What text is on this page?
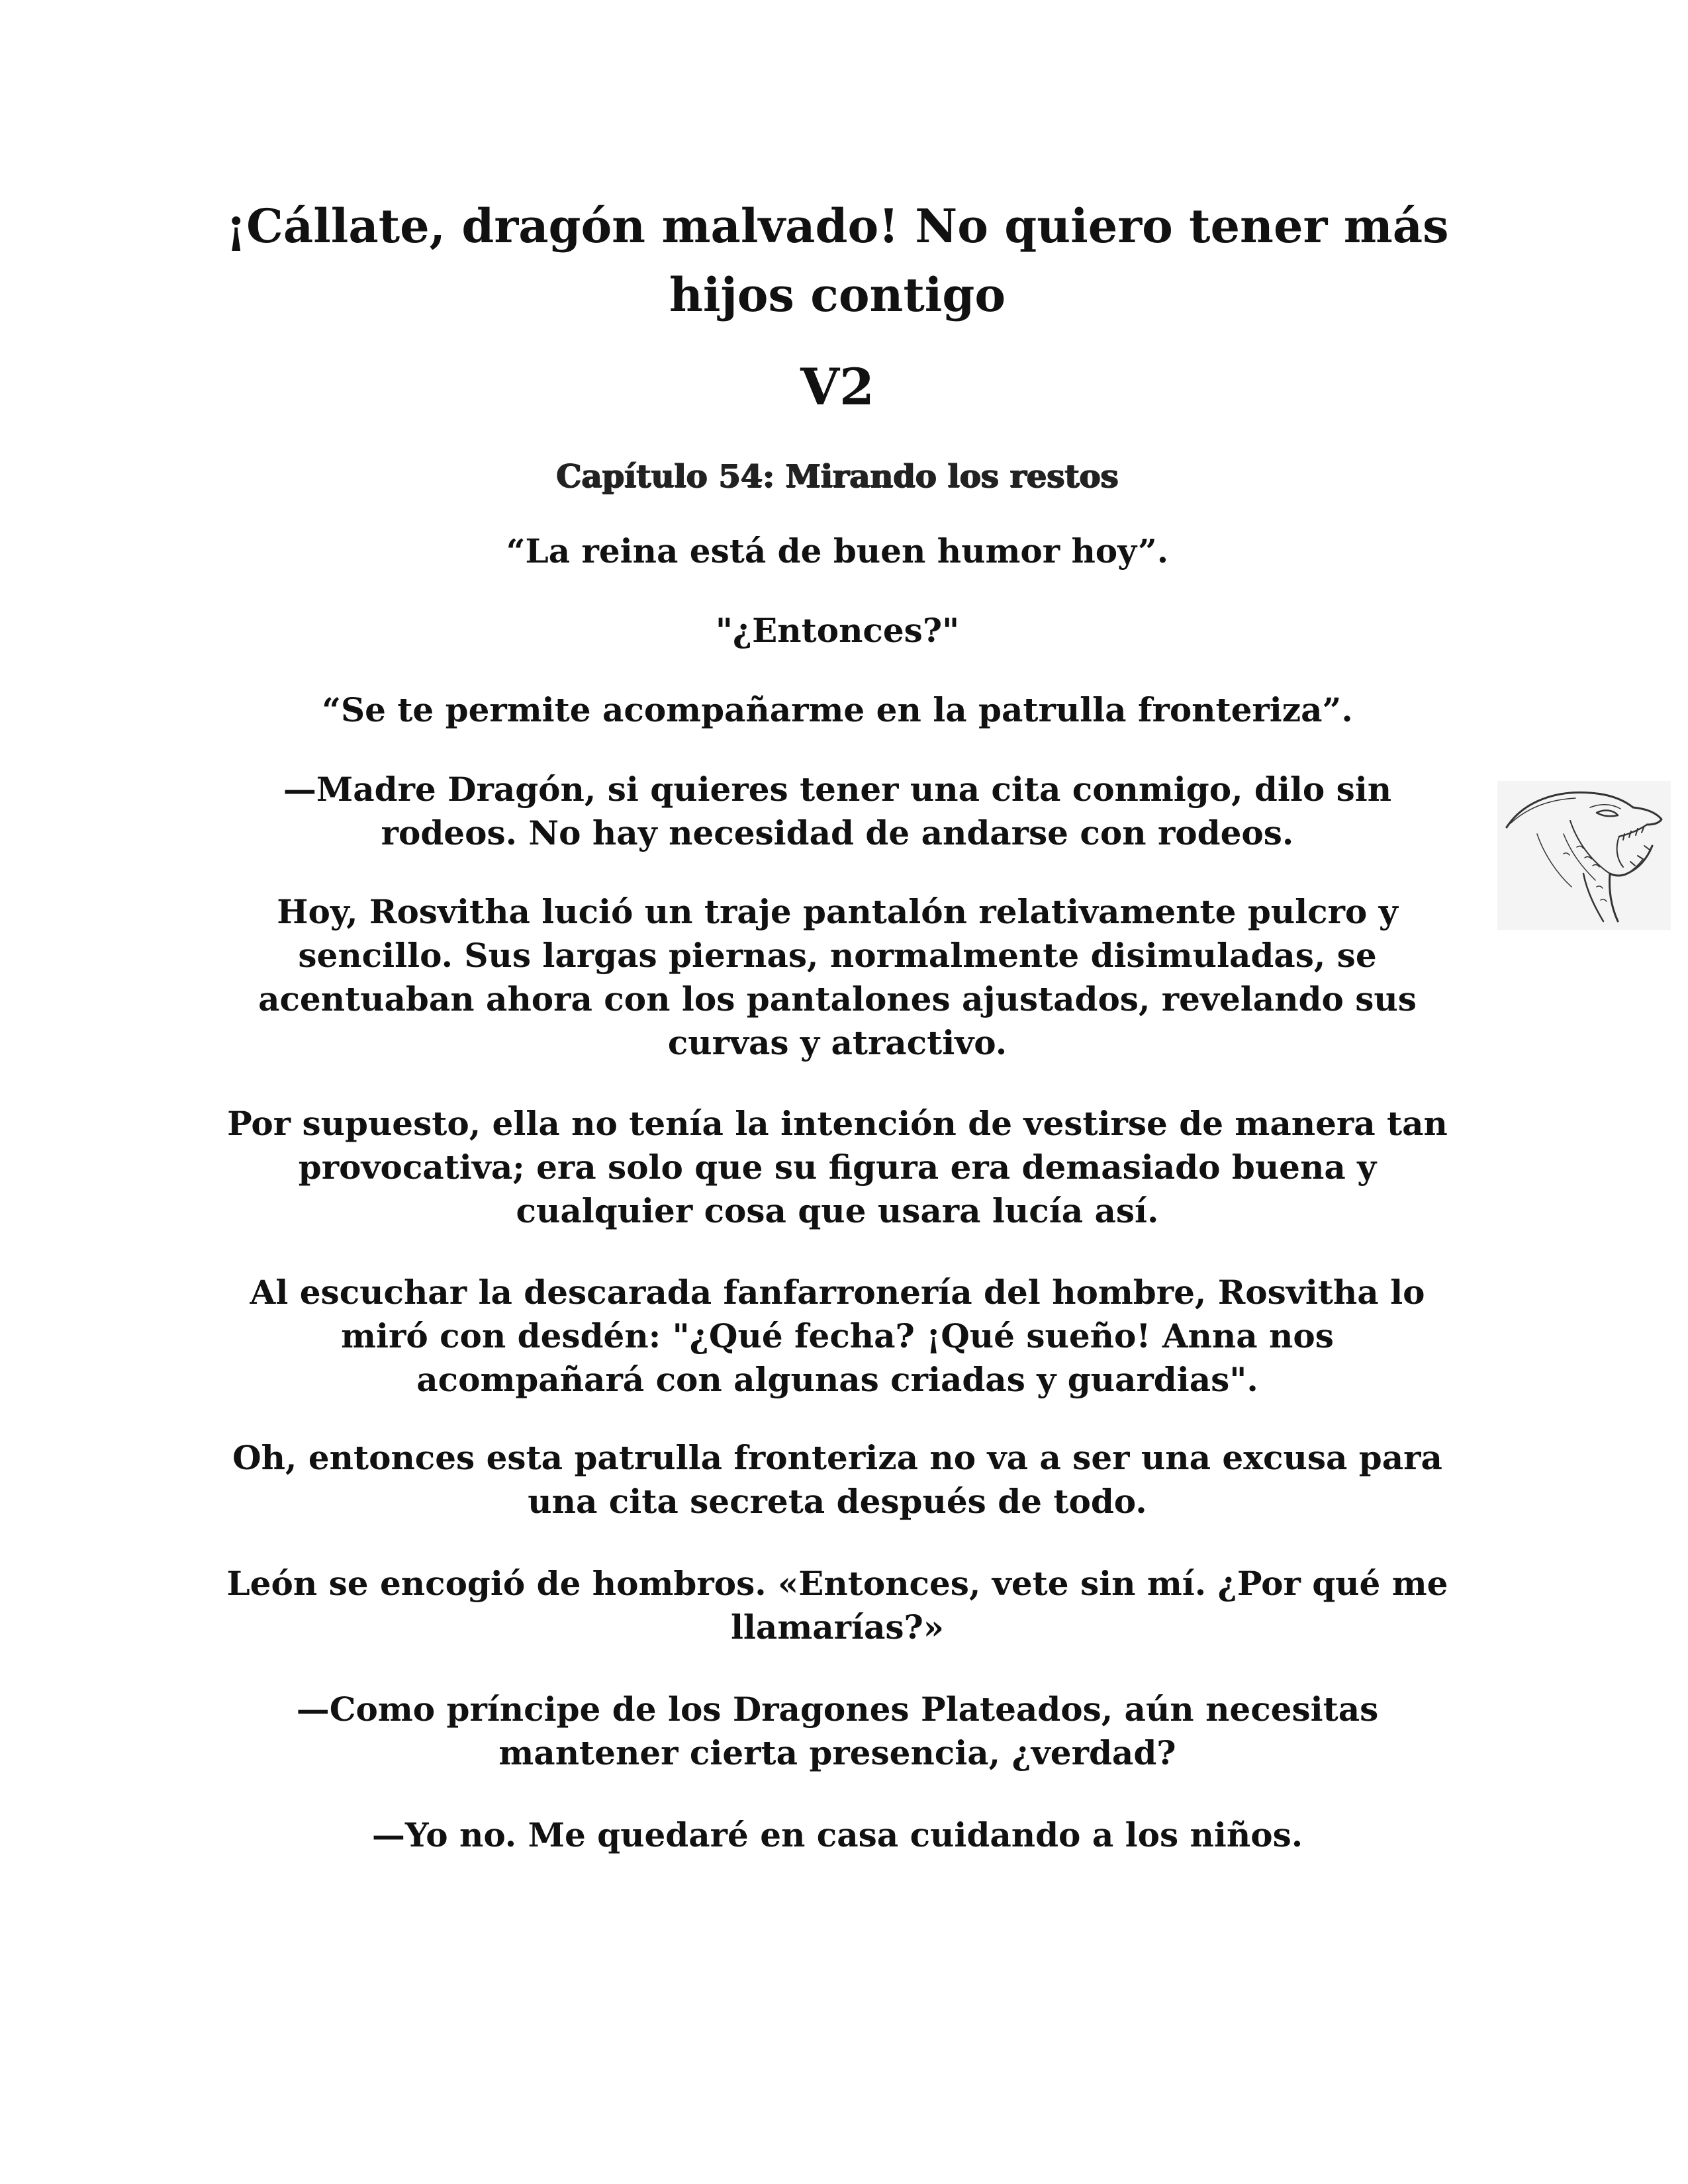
¡Cállate, dragón malvado! No quiero tener más hijos contigo
V2
Capítulo 54: Mirando los restos

“La reina está de buen humor hoy”.

"¿Entonces?"

“Se te permite acompañarme en la patrulla fronteriza”.

—Madre Dragón, si quieres tener una cita conmigo, dilo sin rodeos. No hay necesidad de andarse con rodeos.

Hoy, Rosvitha lució un traje pantalón relativamente pulcro y sencillo. Sus largas piernas, normalmente disimuladas, se acentuaban ahora con los pantalones ajustados, revelando sus curvas y atractivo.

Por supuesto, ella no tenía la intención de vestirse de manera tan provocativa; era solo que su figura era demasiado buena y cualquier cosa que usara lucía así.

Al escuchar la descarada fanfarronería del hombre, Rosvitha lo miró con desdén: "¿Qué fecha? ¡Qué sueño! Anna nos acompañará con algunas criadas y guardias".

Oh, entonces esta patrulla fronteriza no va a ser una excusa para una cita secreta después de todo.

León se encogió de hombros. «Entonces, vete sin mí. ¿Por qué me llamarías?»

—Como príncipe de los Dragones Plateados, aún necesitas mantener cierta presencia, ¿verdad?

—Yo no. Me quedaré en casa cuidando a los niños.
